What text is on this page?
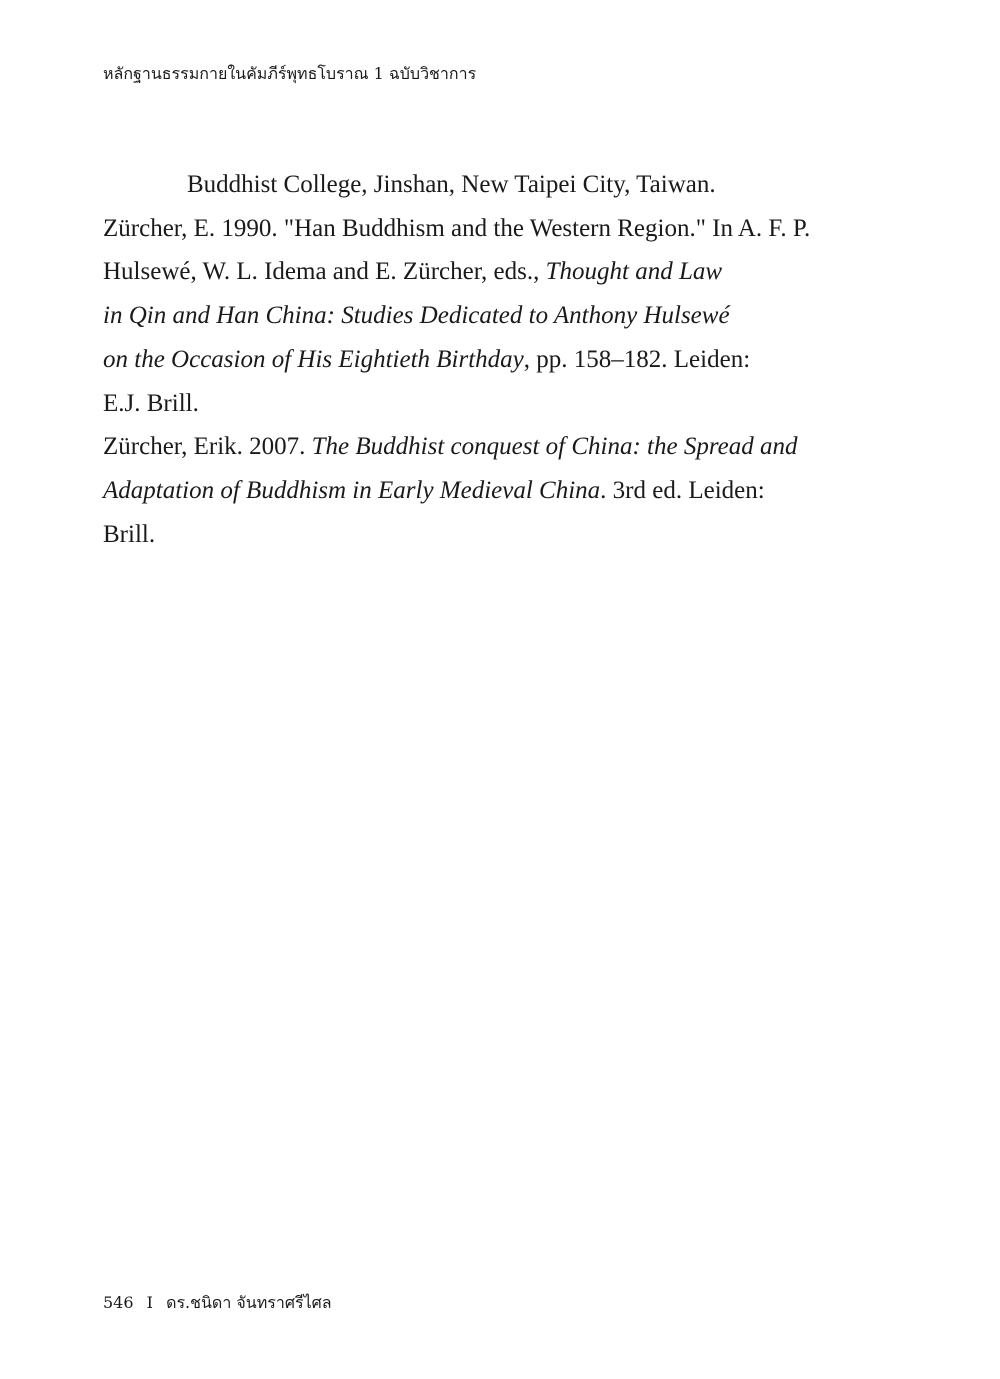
หลักฐานธรรมกายในคัมภีร์พุทธโบราณ 1 ฉบับวิชาการ
Buddhist College, Jinshan, New Taipei City, Taiwan.
Zürcher, E. 1990. "Han Buddhism and the Western Region." In A. F. P.
Hulsewé, W. L. Idema and E. Zürcher, eds., Thought and Law
in Qin and Han China: Studies Dedicated to Anthony Hulsewé
on the Occasion of His Eightieth Birthday, pp. 158–182. Leiden:
E.J. Brill.
Zürcher, Erik. 2007. The Buddhist conquest of China: the Spread and
Adaptation of Buddhism in Early Medieval China. 3rd ed. Leiden:
Brill.
546 I ดร.ชนิดา จันทราศรีไศล
